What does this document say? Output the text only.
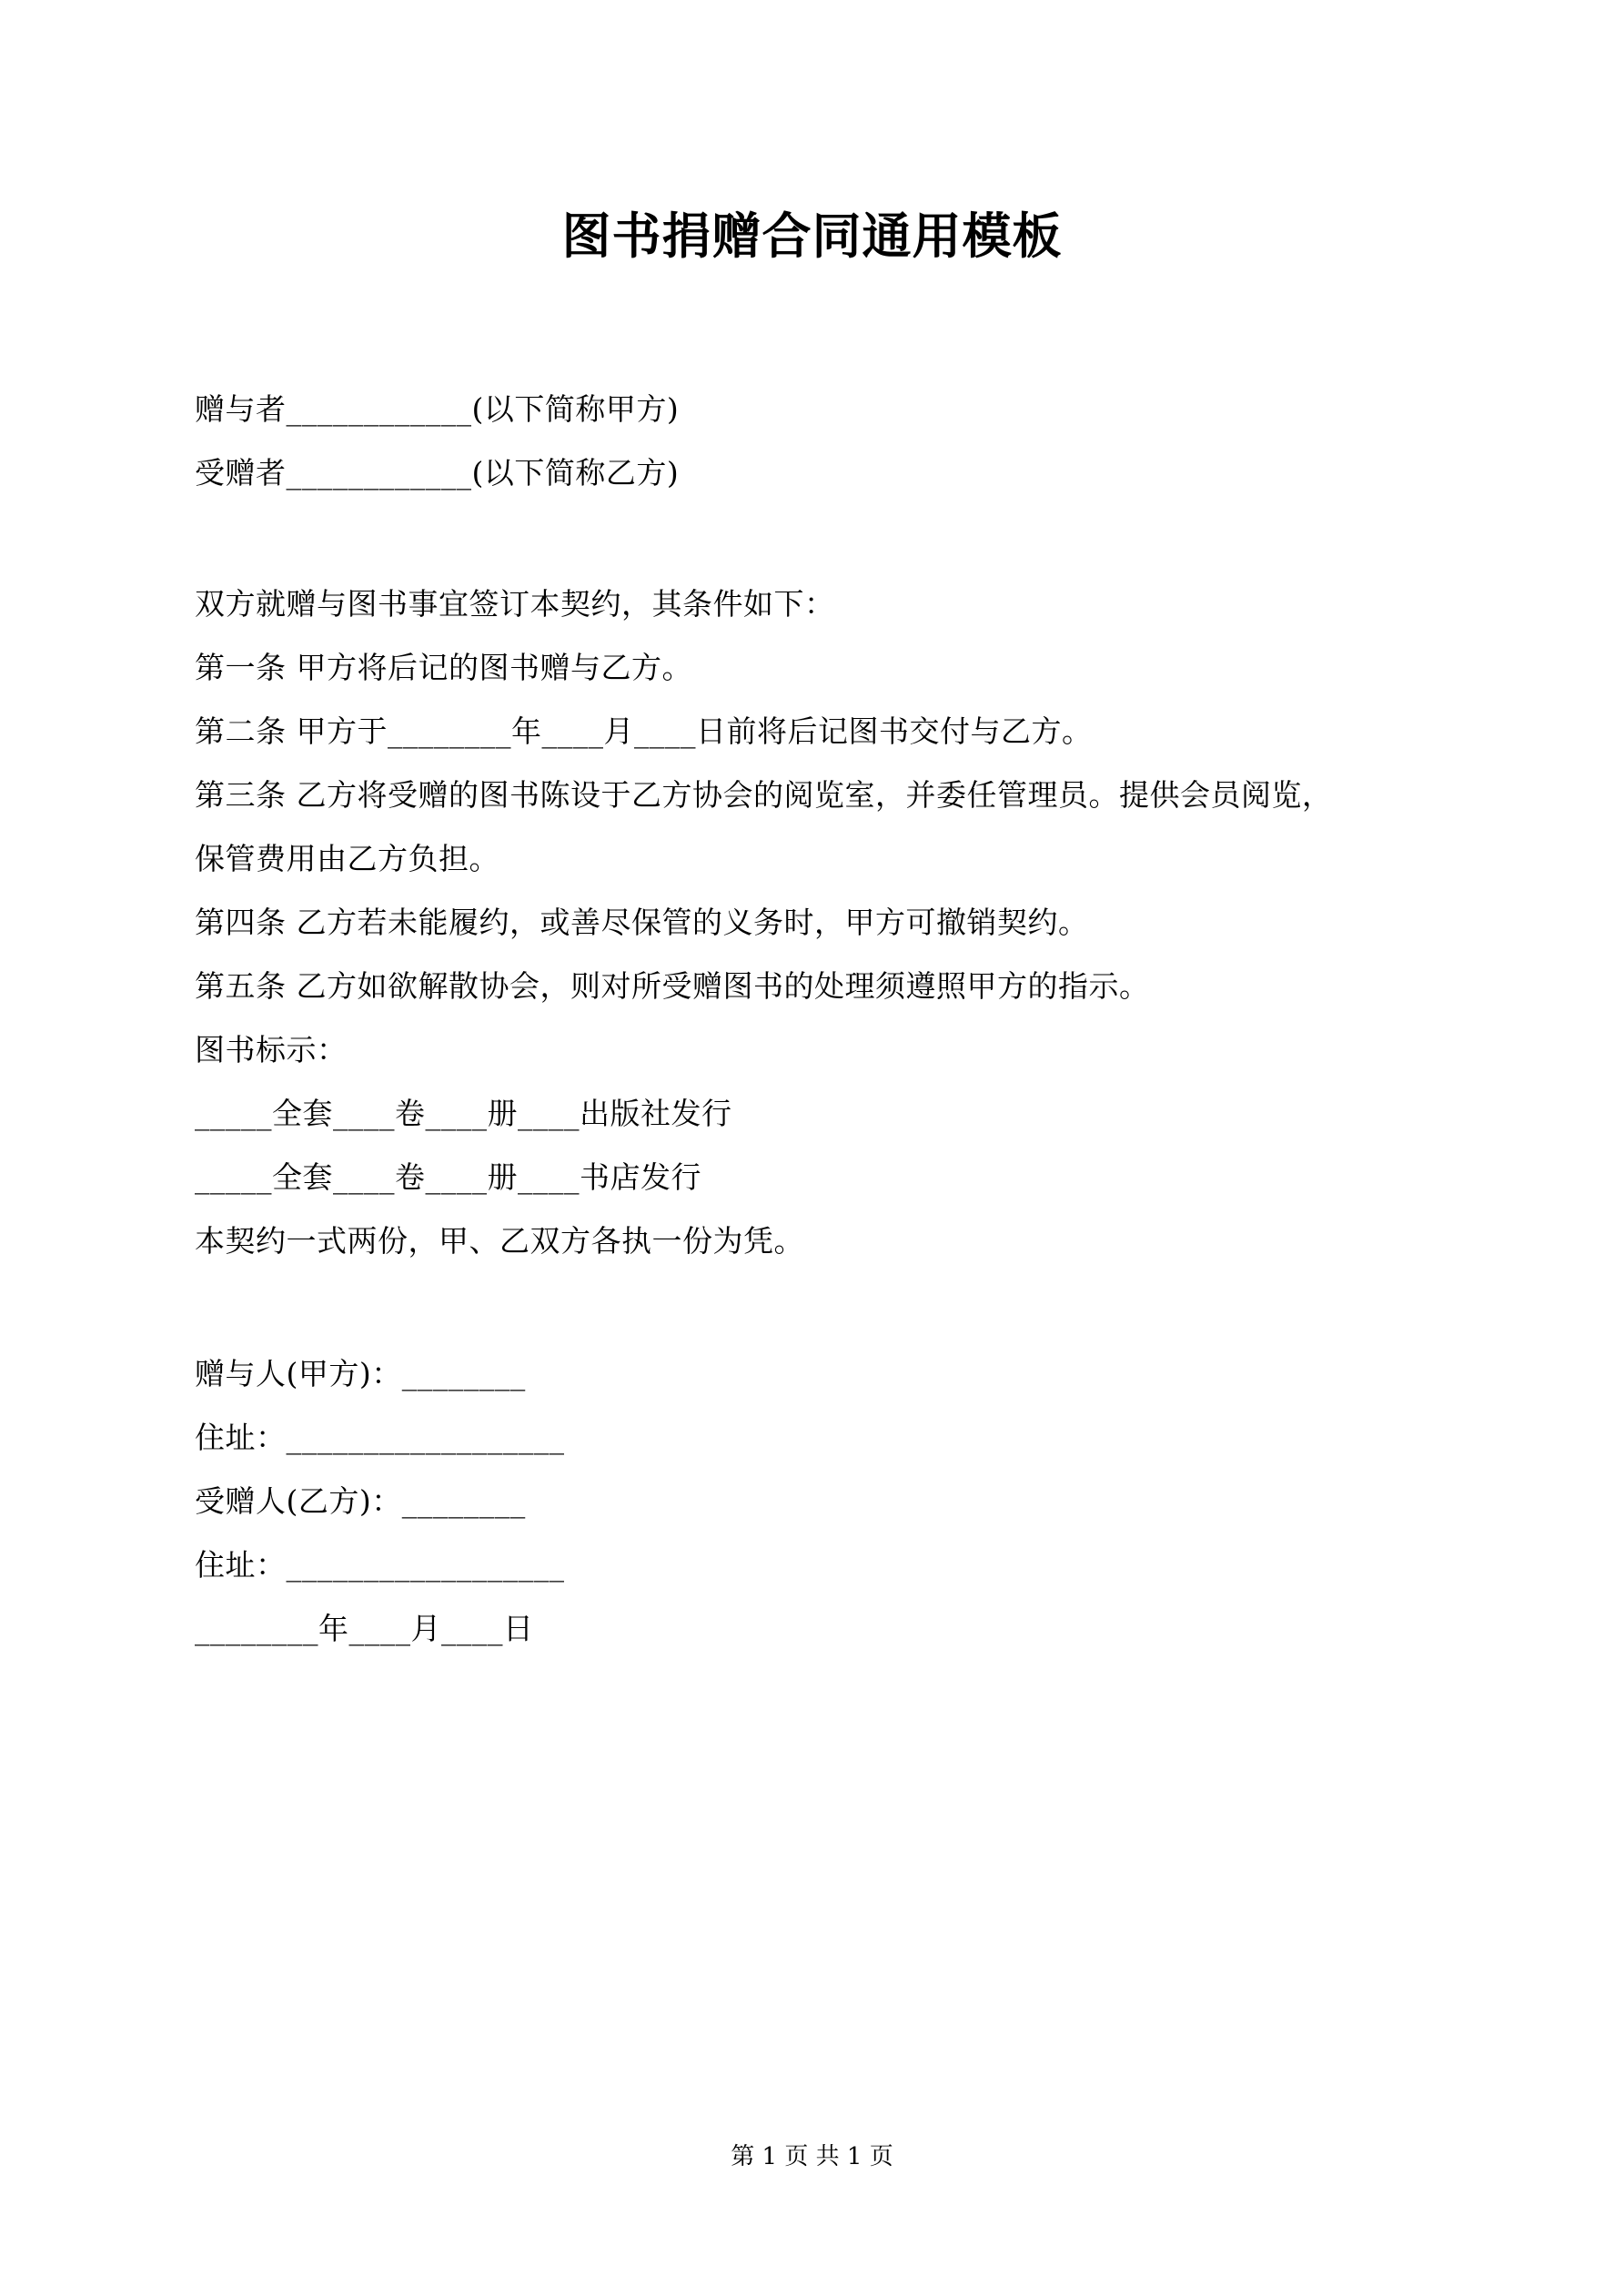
图书捐赠合同通用模板
赠与者____________(以下简称甲方)
受赠者____________(以下简称乙方)
双方就赠与图书事宜签订本契约，其条件如下：
第一条 甲方将后记的图书赠与乙方。
第二条 甲方于________年____月____日前将后记图书交付与乙方。
第三条 乙方将受赠的图书陈设于乙方协会的阅览室，并委任管理员。提供会员阅览，
保管费用由乙方负担。
第四条 乙方若未能履约，或善尽保管的义务时，甲方可撤销契约。
第五条 乙方如欲解散协会，则对所受赠图书的处理须遵照甲方的指示。
图书标示：
_____全套____卷____册____出版社发行
_____全套____卷____册____书店发行
本契约一式两份，甲、乙双方各执一份为凭。
赠与人(甲方)：________
住址：__________________
受赠人(乙方)：________
住址：__________________
________年____月____日
第 1 页 共 1 页
